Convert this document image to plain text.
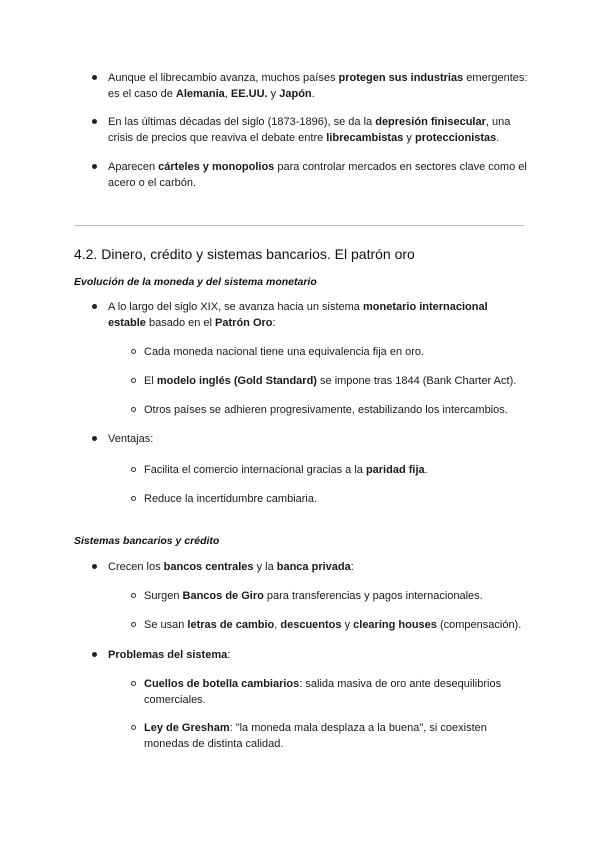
Aunque el librecambio avanza, muchos países protegen sus industrias emergentes: es el caso de Alemania, EE.UU. y Japón.
En las últimas décadas del siglo (1873-1896), se da la depresión finisecular, una crisis de precios que reaviva el debate entre librecambistas y proteccionistas.
Aparecen cárteles y monopolios para controlar mercados en sectores clave como el acero o el carbón.
4.2. Dinero, crédito y sistemas bancarios. El patrón oro
Evolución de la moneda y del sistema monetario
A lo largo del siglo XIX, se avanza hacia un sistema monetario internacional estable basado en el Patrón Oro:
Cada moneda nacional tiene una equivalencia fija en oro.
El modelo inglés (Gold Standard) se impone tras 1844 (Bank Charter Act).
Otros países se adhieren progresivamente, estabilizando los intercambios.
Ventajas:
Facilita el comercio internacional gracias a la paridad fija.
Reduce la incertidumbre cambiaria.
Sistemas bancarios y crédito
Crecen los bancos centrales y la banca privada:
Surgen Bancos de Giro para transferencias y pagos internacionales.
Se usan letras de cambio, descuentos y clearing houses (compensación).
Problemas del sistema:
Cuellos de botella cambiarios: salida masiva de oro ante desequilibrios comerciales.
Ley de Gresham: "la moneda mala desplaza a la buena", si coexisten monedas de distinta calidad.
